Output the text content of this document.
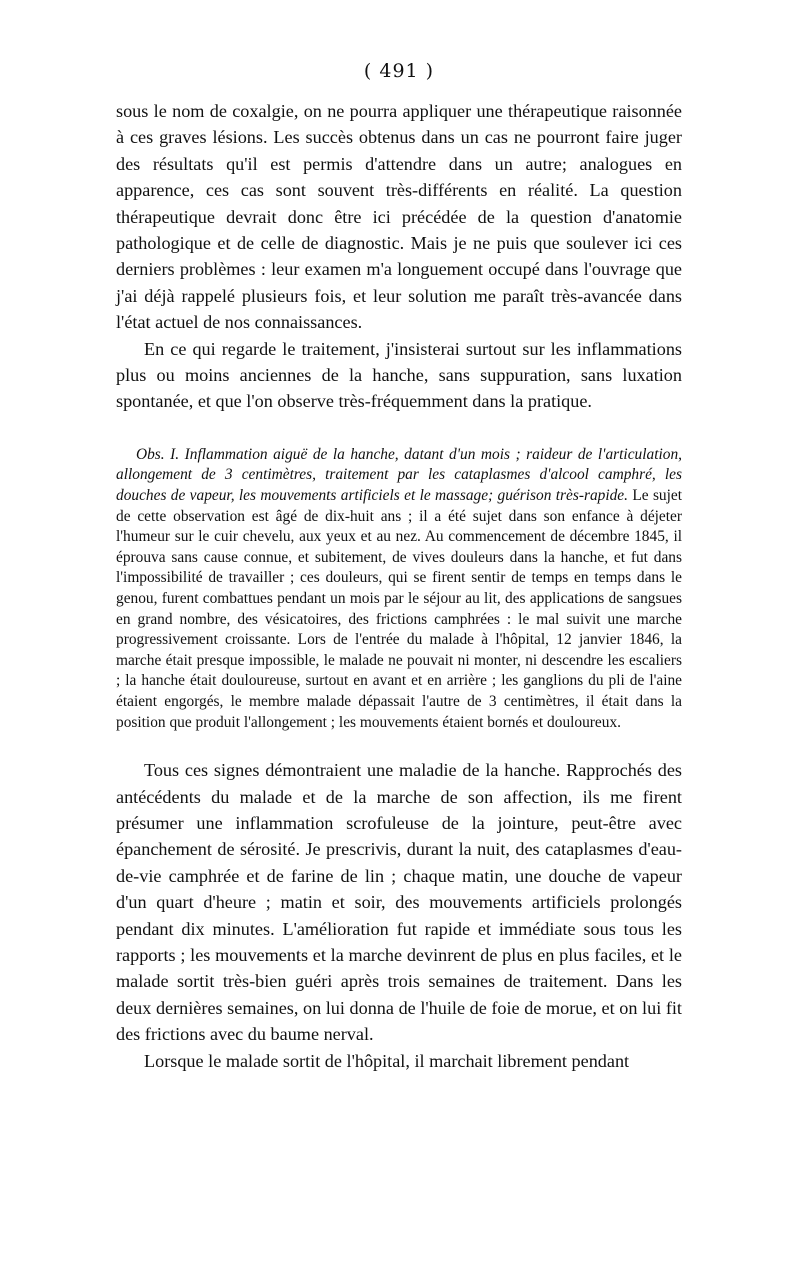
( 491 )

sous le nom de coxalgie, on ne pourra appliquer une thérapeutique raisonnée à ces graves lésions. Les succès obtenus dans un cas ne pourront faire juger des résultats qu'il est permis d'attendre dans un autre; analogues en apparence, ces cas sont souvent très-différents en réalité. La question thérapeutique devrait donc être ici précédée de la question d'anatomie pathologique et de celle de diagnostic. Mais je ne puis que soulever ici ces derniers problèmes : leur examen m'a longuement occupé dans l'ouvrage que j'ai déjà rappelé plusieurs fois, et leur solution me paraît très-avancée dans l'état actuel de nos connaissances.

En ce qui regarde le traitement, j'insisterai surtout sur les inflammations plus ou moins anciennes de la hanche, sans suppuration, sans luxation spontanée, et que l'on observe très-fréquemment dans la pratique.

Obs. I. Inflammation aiguë de la hanche, datant d'un mois ; raideur de l'articulation, allongement de 3 centimètres, traitement par les cataplasmes d'alcool camphré, les douches de vapeur, les mouvements artificiels et le massage; guérison très-rapide. Le sujet de cette observation est âgé de dix-huit ans ; il a été sujet dans son enfance à déjeter l'humeur sur le cuir chevelu, aux yeux et au nez. Au commencement de décembre 1845, il éprouva sans cause connue, et subitement, de vives douleurs dans la hanche, et fut dans l'impossibilité de travailler ; ces douleurs, qui se firent sentir de temps en temps dans le genou, furent combattues pendant un mois par le séjour au lit, des applications de sangsues en grand nombre, des vésicatoires, des frictions camphrées : le mal suivit une marche progressivement croissante. Lors de l'entrée du malade à l'hôpital, 12 janvier 1846, la marche était presque impossible, le malade ne pouvait ni monter, ni descendre les escaliers ; la hanche était douloureuse, surtout en avant et en arrière ; les ganglions du pli de l'aine étaient engorgés, le membre malade dépassait l'autre de 3 centimètres, il était dans la position que produit l'allongement ; les mouvements étaient bornés et douloureux.

Tous ces signes démontraient une maladie de la hanche. Rapprochés des antécédents du malade et de la marche de son affection, ils me firent présumer une inflammation scrofuleuse de la jointure, peut-être avec épanchement de sérosité. Je prescrivis, durant la nuit, des cataplasmes d'eau-de-vie camphrée et de farine de lin ; chaque matin, une douche de vapeur d'un quart d'heure ; matin et soir, des mouvements artificiels prolongés pendant dix minutes. L'amélioration fut rapide et immédiate sous tous les rapports ; les mouvements et la marche devinrent de plus en plus faciles, et le malade sortit très-bien guéri après trois semaines de traitement. Dans les deux dernières semaines, on lui donna de l'huile de foie de morue, et on lui fit des frictions avec du baume nerval.

Lorsque le malade sortit de l'hôpital, il marchait librement pendant
